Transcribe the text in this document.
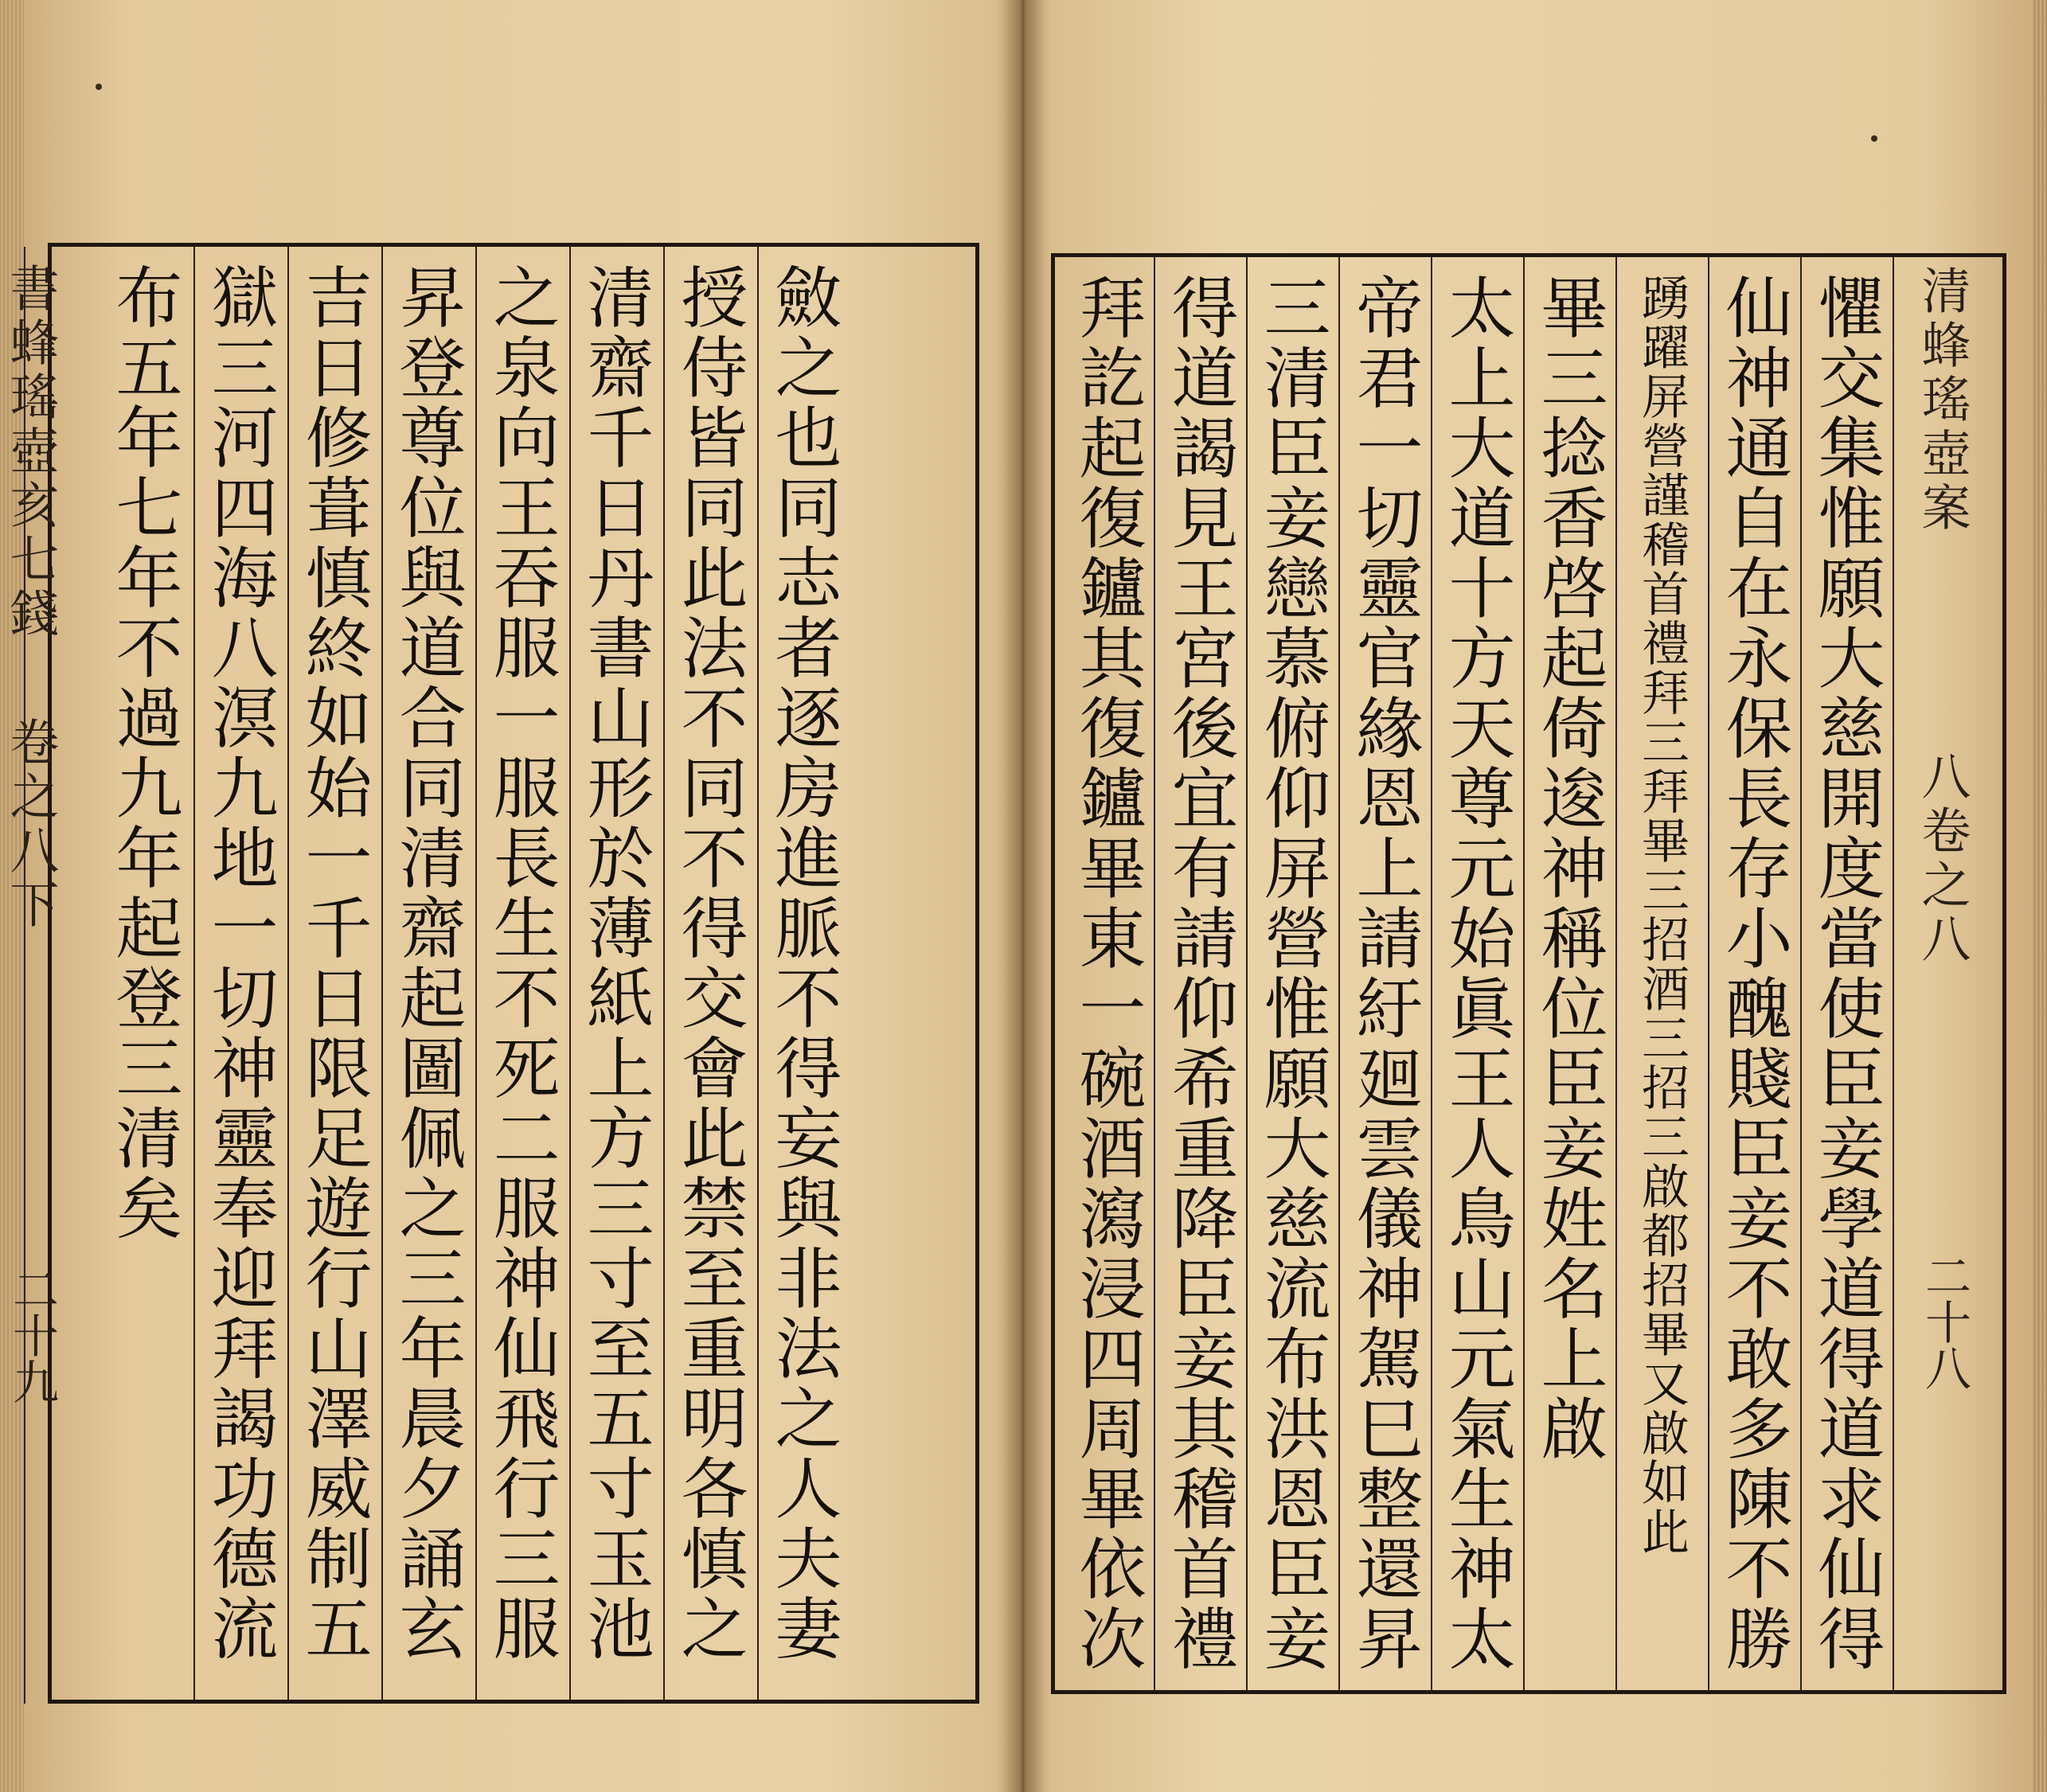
布五年七年不過九年起登三清矣 獄三河四海八溟九地一切神靈奉迎拜謁功德流 吉日修葺慎終如始一千日限足遊行山澤威制五 昇登尊位與道合同清齋起圖佩之三年晨夕誦玄 之泉向王吞服一服長生不死二服神仙飛行三服 清齋千日丹書山形於薄紙上方三寸至五寸玉池 授侍皆同此法不同不得交會此禁至重明各慎之 斂之也同志者逐房進脈不得妄與非法之人夫妻
書蜂瑤壺亥七錢
卷之八下
二十九	拜訖起復鑪其復鑪畢東一碗酒瀉浸四周畢依次 得道謁見王宮後宜有請仰希重降臣妾其稽首禮 三清臣妾戀慕俯仰屏營惟願大慈流布洪恩臣妾 帝君一切靈官緣恩上請紆廻雲儀神駕巳整還昇 太上大道十方天尊元始眞王人鳥山元氣生神太 畢三捻香啓起倚逡神稱位臣妾姓名上啟 踴躍屏營謹稽首禮拜三拜畢三招酒三招三啟都招畢又啟如此 仙神通自在永保長存小醜賤臣妾不敢多陳不勝 懼交集惟願大慈開度當使臣妾學道得道求仙得 清蜂瑤壺案
八卷之八
二十八
